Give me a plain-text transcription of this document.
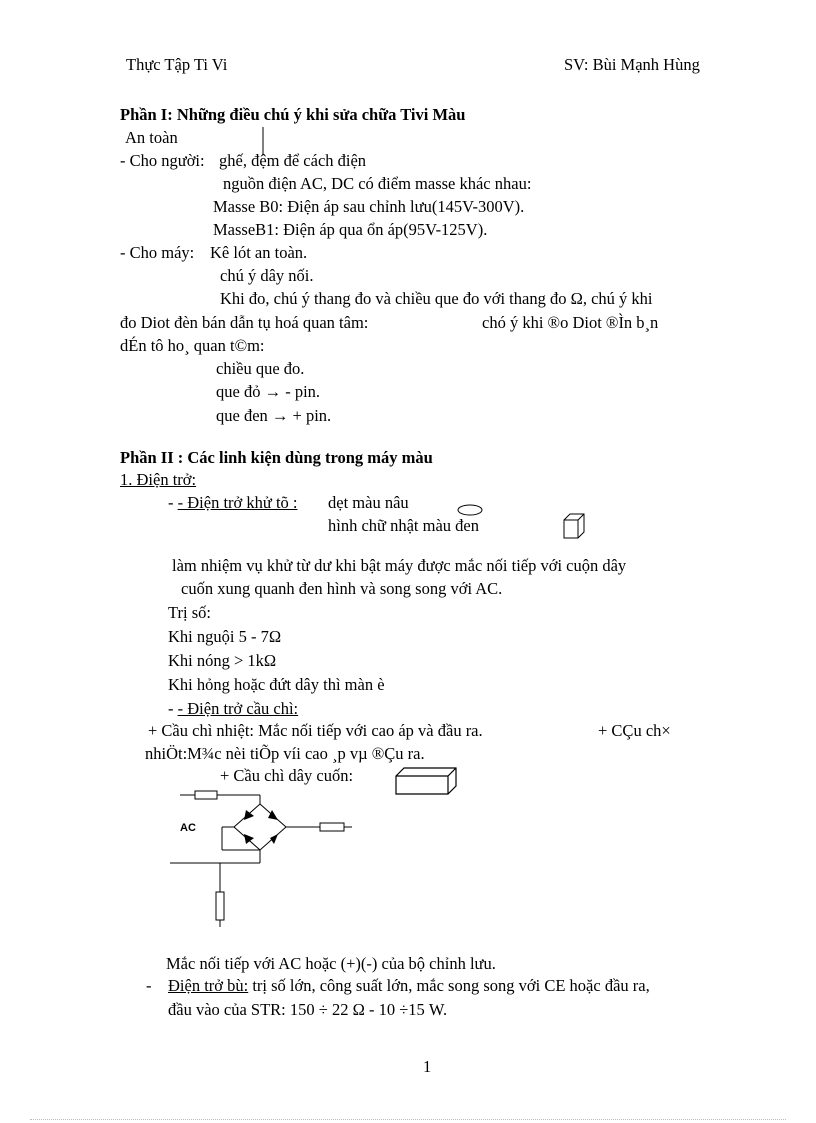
Thực Tập Ti Vi	SV: Bùi Mạnh Hùng
Phần I: Những điều chú ý khi sửa chữa Tivi Màu
An toàn
- Cho người: ghế, đệm để cách điện
nguồn điện AC, DC có điểm masse khác nhau:
Masse B0: Điện áp sau chỉnh lưu(145V-300V).
MasseB1: Điện áp qua ổn áp(95V-125V).
- Cho máy: Kê lót an toàn.
chú ý dây nối.
Khi đo, chú ý thang đo và chiều que đo với thang đo Ω, chú ý khi
đo Diot đèn bán dẫn tụ hoá quan tâm:	chó ý khi ®o Diot ®Ìn b¸n
dÉn tô ho¸ quan t©m:
chiều que đo.
que đỏ → - pin.
que đen → + pin.
Phần II : Các linh kiện dùng trong máy màu
1. Điện trở:
- - Điện trở khử tõ : dẹt màu nâu
hình chữ nhật màu đen
làm nhiệm vụ khử từ dư khi bật máy được mắc nối tiếp với cuộn dây
cuốn xung quanh đen hình và song song với AC.
Trị số:
Khi nguội 5 - 7Ω
Khi nóng > 1kΩ
Khi hỏng hoặc đứt dây thì màn è
- - Điện trở cầu chì:
+ Cầu chì nhiệt: Mắc nối tiếp với cao áp và đầu ra.	+ CÇu ch×
nhiÖt:M¾c nèi tiÕp víi cao ¸p vµ ®Çu ra.
+ Cầu chì dây cuốn:
AC
Mắc nối tiếp với AC hoặc (+)(-) của bộ chỉnh lưu.
- Điện trở bù: trị số lớn, công suất lớn, mắc song song với CE hoặc đầu ra,
đầu vào của STR: 150 ÷ 22 Ω - 10 ÷15 W.
1
